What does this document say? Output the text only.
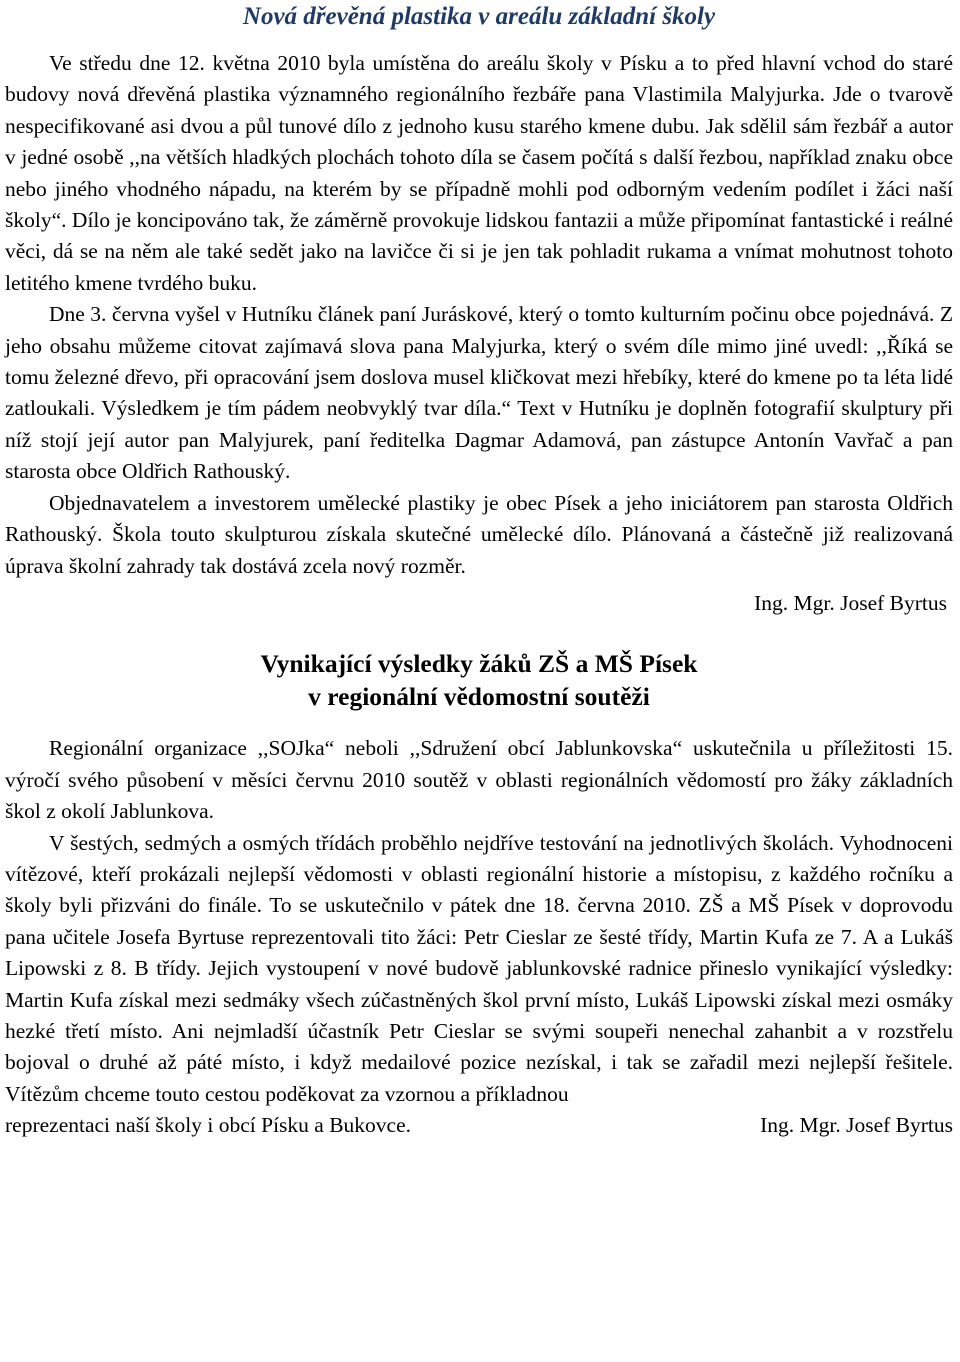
Nová dřevěná plastika v areálu základní školy

Ve středu dne 12. května 2010 byla umístěna do areálu školy v Písku a to před hlavní vchod do staré budovy nová dřevěná plastika významného regionálního řezbáře pana Vlastimila Malyjurka. Jde o tvarově nespecifikované asi dvou a půl tunové dílo z jednoho kusu starého kmene dubu. Jak sdělil sám řezbář a autor v jedné osobě ,,na větších hladkých plochách tohoto díla se časem počítá s další řezbou, například znaku obce nebo jiného vhodného nápadu, na kterém by se případně mohli pod odborným vedením podílet i žáci naší školy“. Dílo je koncipováno tak, že záměrně provokuje lidskou fantazii a může připomínat fantastické i reálné věci, dá se na něm ale také sedět jako na lavičce či si je jen tak pohladit rukama a vnímat mohutnost tohoto letitého kmene tvrdého buku.

Dne 3. června vyšel v Hutníku článek paní Juráskové, který o tomto kulturním počinu obce pojednává. Z jeho obsahu můžeme citovat zajímavá slova pana Malyjurka, který o svém díle mimo jiné uvedl: ,,Říká se tomu železné dřevo, při opracování jsem doslova musel kličkovat mezi hřebíky, které do kmene po ta léta lidé zatloukali. Výsledkem je tím pádem neobvyklý tvar díla.“ Text v Hutníku je doplněn fotografií skulptury při níž stojí její autor pan Malyjurek, paní ředitelka Dagmar Adamová, pan zástupce Antonín Vavřač a pan starosta obce Oldřich Rathouský.

Objednavatelem a investorem umělecké plastiky je obec Písek a jeho iniciátorem pan starosta Oldřich Rathouský. Škola touto skulpturou získala skutečné umělecké dílo. Plánovaná a částečně již realizovaná úprava školní zahrady tak dostává zcela nový rozměr.

Ing. Mgr. Josef Byrtus
Vynikající výsledky žáků ZŠ a MŠ Písek
v regionální vědomostní soutěži

Regionální organizace ,,SOJka“ neboli ,,Sdružení obcí Jablunkovska“ uskutečnila u příležitosti 15. výročí svého působení v měsíci červnu 2010 soutěž v oblasti regionálních vědomostí pro žáky základních škol z okolí Jablunkova.

V šestých, sedmých a osmých třídách proběhlo nejdříve testování na jednotlivých školách. Vyhodnoceni vítězové, kteří prokázali nejlepší vědomosti v oblasti regionální historie a místopisu, z každého ročníku a školy byli přizváni do finále. To se uskutečnilo v pátek dne 18. června 2010. ZŠ a MŠ Písek v doprovodu pana učitele Josefa Byrtuse reprezentovali tito žáci: Petr Cieslar ze šesté třídy, Martin Kufa ze 7. A a Lukáš Lipowski z 8. B třídy. Jejich vystoupení v nové budově jablunkovské radnice přineslo vynikající výsledky: Martin Kufa získal mezi sedmáky všech zúčastněných škol první místo, Lukáš Lipowski získal mezi osmáky hezké třetí místo. Ani nejmladší účastník Petr Cieslar se svými soupeři nenechal zahanbit a v rozstřelu bojoval o druhé až páté místo, i když medailové pozice nezískal, i tak se zařadil mezi nejlepší řešitele. Vítězům chceme touto cestou poděkovat za vzornou a příkladnou

reprezentaci naší školy i obcí Písku a Bukovce.	Ing. Mgr. Josef Byrtus
